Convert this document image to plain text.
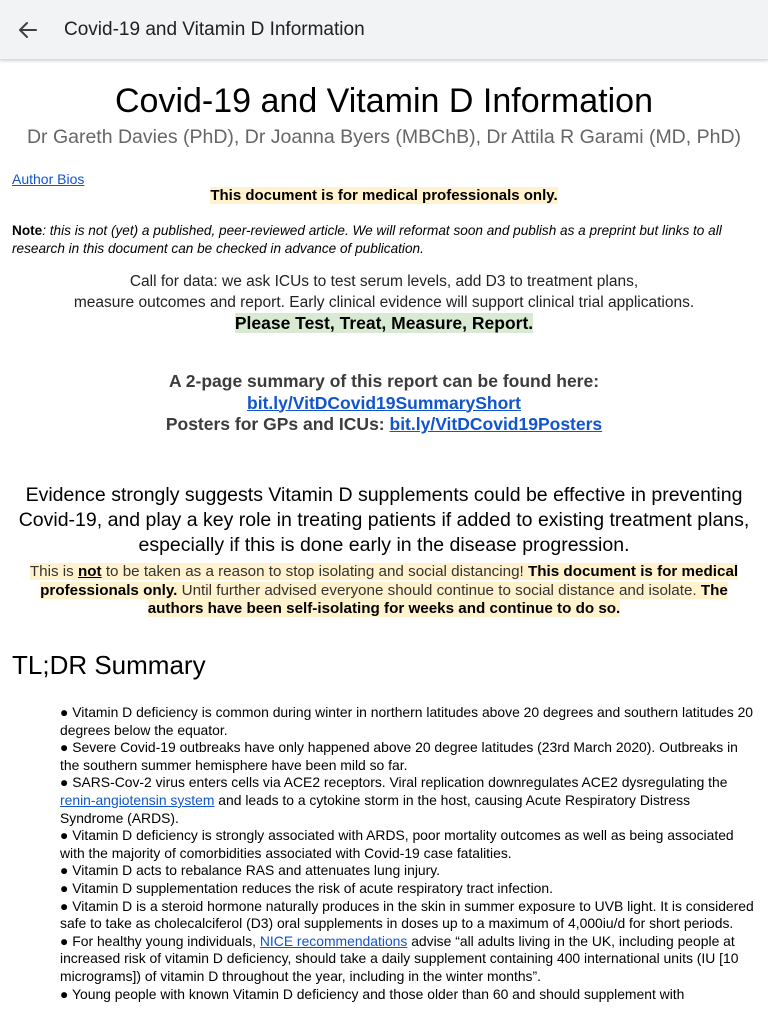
Covid-19 and Vitamin D Information
Covid-19 and Vitamin D Information
Dr Gareth Davies (PhD), Dr Joanna Byers (MBChB), Dr Attila R Garami (MD, PhD)
Author Bios
This document is for medical professionals only.
Note: this is not (yet) a published, peer-reviewed article. We will reformat soon and publish as a preprint but links to all research in this document can be checked in advance of publication.
Call for data: we ask ICUs to test serum levels, add D3 to treatment plans,
measure outcomes and report. Early clinical evidence will support clinical trial applications.
Please Test, Treat, Measure, Report.
A 2-page summary of this report can be found here:
bit.ly/VitDCovid19SummaryShort
Posters for GPs and ICUs: bit.ly/VitDCovid19Posters
Evidence strongly suggests Vitamin D supplements could be effective in preventing Covid-19, and play a key role in treating patients if added to existing treatment plans, especially if this is done early in the disease progression.
This is not to be taken as a reason to stop isolating and social distancing! This document is for medical professionals only. Until further advised everyone should continue to social distance and isolate. The authors have been self-isolating for weeks and continue to do so.
TL;DR Summary
● Vitamin D deficiency is common during winter in northern latitudes above 20 degrees and southern latitudes 20 degrees below the equator.
● Severe Covid-19 outbreaks have only happened above 20 degree latitudes (23rd March 2020). Outbreaks in the southern summer hemisphere have been mild so far.
● SARS-Cov-2 virus enters cells via ACE2 receptors. Viral replication downregulates ACE2 dysregulating the renin-angiotensin system and leads to a cytokine storm in the host, causing Acute Respiratory Distress Syndrome (ARDS).
● Vitamin D deficiency is strongly associated with ARDS, poor mortality outcomes as well as being associated with the majority of comorbidities associated with Covid-19 case fatalities.
● Vitamin D acts to rebalance RAS and attenuates lung injury.
● Vitamin D supplementation reduces the risk of acute respiratory tract infection.
● Vitamin D is a steroid hormone naturally produces in the skin in summer exposure to UVB light. It is considered safe to take as cholecalciferol (D3) oral supplements in doses up to a maximum of 4,000iu/d for short periods.
● For healthy young individuals, NICE recommendations advise “all adults living in the UK, including people at increased risk of vitamin D deficiency, should take a daily supplement containing 400 international units (IU [10 micrograms]) of vitamin D throughout the year, including in the winter months”.
● Young people with known Vitamin D deficiency and those older than 60 and should supplement with
